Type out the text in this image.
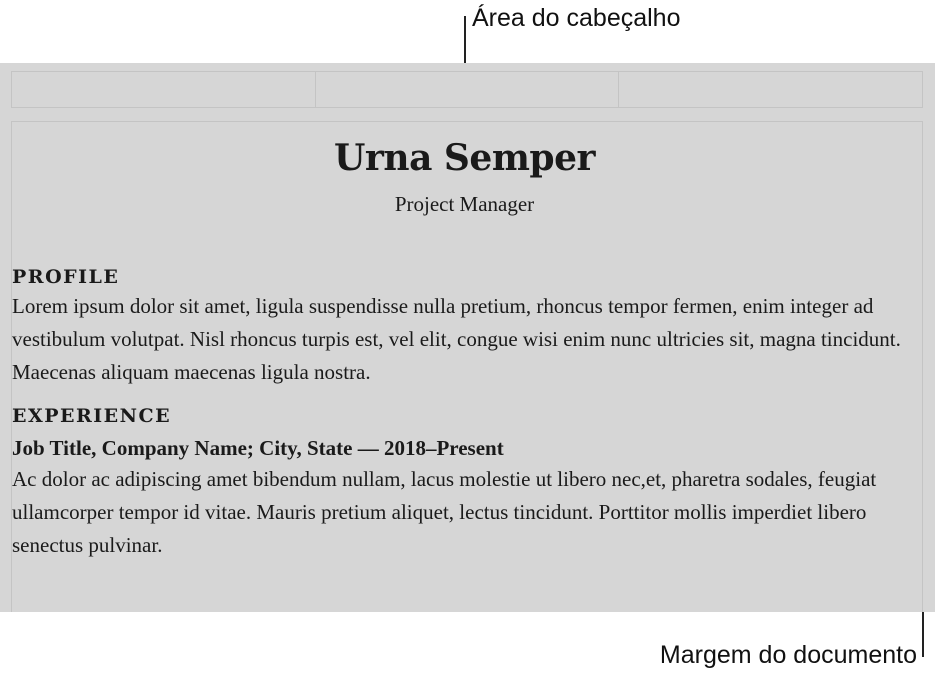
Área do cabeçalho
Urna Semper
Project Manager
PROFILE
Lorem ipsum dolor sit amet, ligula suspendisse nulla pretium, rhoncus tempor fermen, enim integer ad vestibulum volutpat. Nisl rhoncus turpis est, vel elit, congue wisi enim nunc ultricies sit, magna tincidunt. Maecenas aliquam maecenas ligula nostra.
EXPERIENCE
Job Title, Company Name; City, State — 2018–Present
Ac dolor ac adipiscing amet bibendum nullam, lacus molestie ut libero nec,et, pharetra sodales, feugiat ullamcorper tempor id vitae. Mauris pretium aliquet, lectus tincidunt. Porttitor mollis imperdiet libero senectus pulvinar.
Margem do documento
